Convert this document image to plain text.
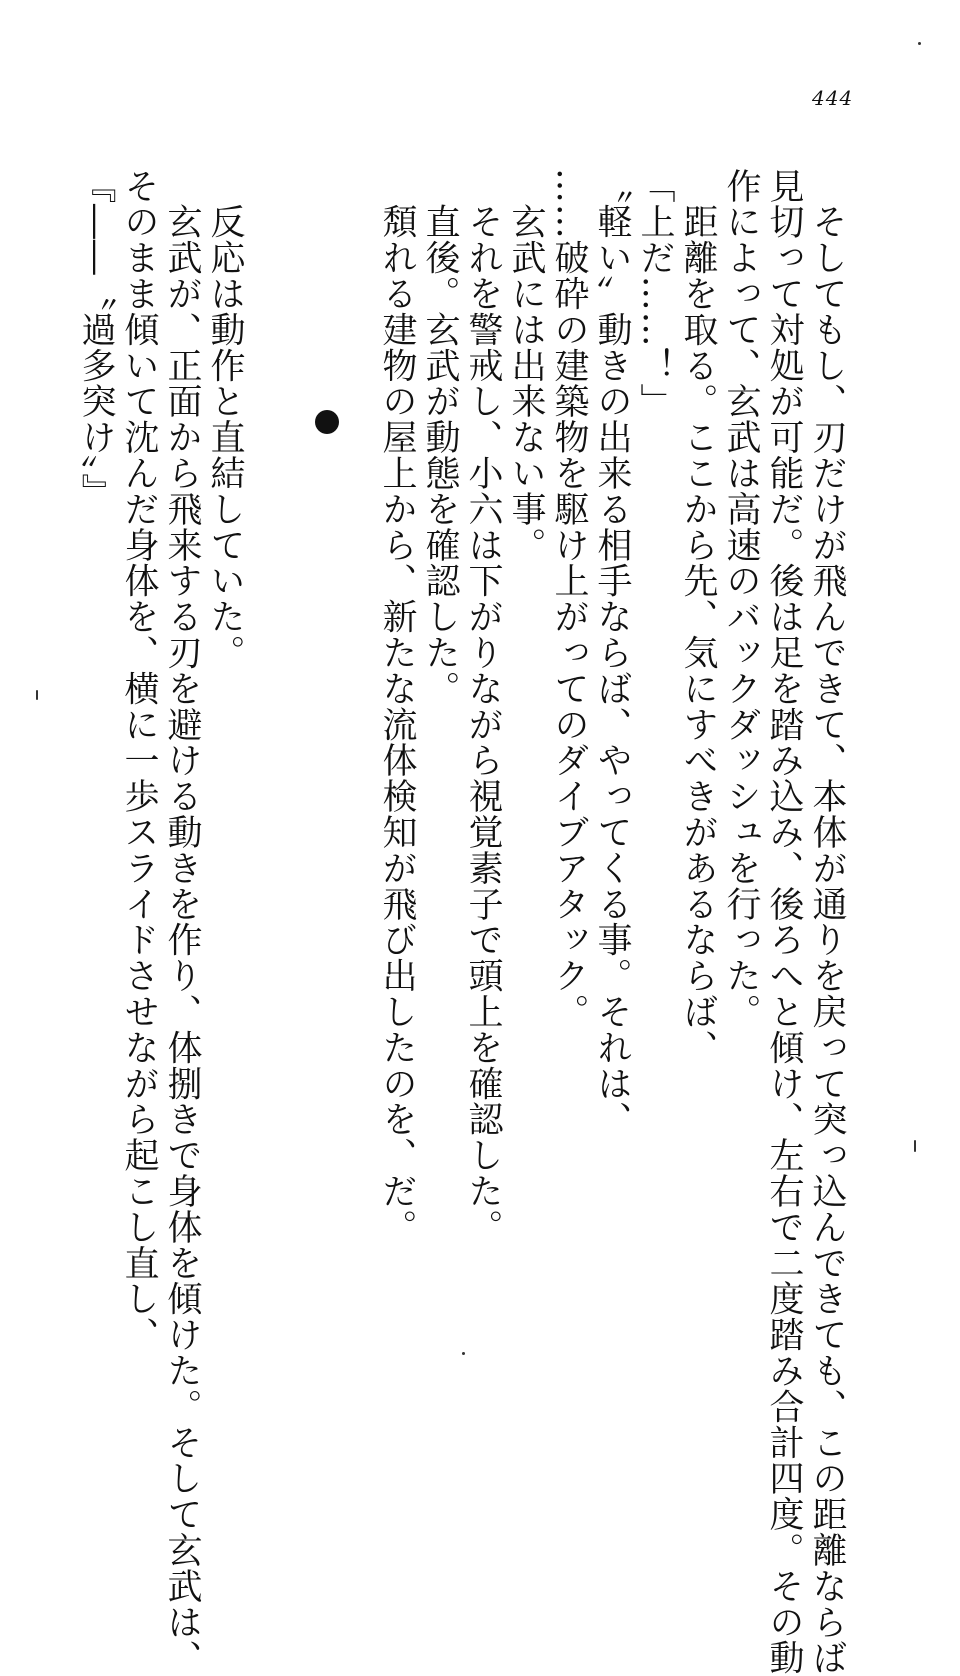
444
　そしてもし、刃だけが飛んできて、本体が通りを戻って突っ込んできても、この距離ならば
見切って対処が可能だ。後は足を踏み込み、後ろへと傾け、左右で二度踏み合計四度。その動
作によって、玄武は高速のバックダッシュを行った。
　距離を取る。ここから先、気にすべきがあるならば、
「上だ……！」
〝軽い〟動きの出来る相手ならば、やってくる事。それは、
……破砕の建築物を駆け上がってのダイブアタック。
　玄武には出来ない事。
　それを警戒し、小六は下がりながら視覚素子で頭上を確認した。
　直後。玄武が動態を確認した。
　頽れる建物の屋上から、新たな流体検知が飛び出したのを、だ。
　反応は動作と直結していた。
　玄武が、正面から飛来する刃を避ける動きを作り、体捌きで身体を傾けた。そして玄武は、
そのまま傾いて沈んだ身体を、横に一歩スライドさせながら起こし直し、
『――〝過多突け〟』
